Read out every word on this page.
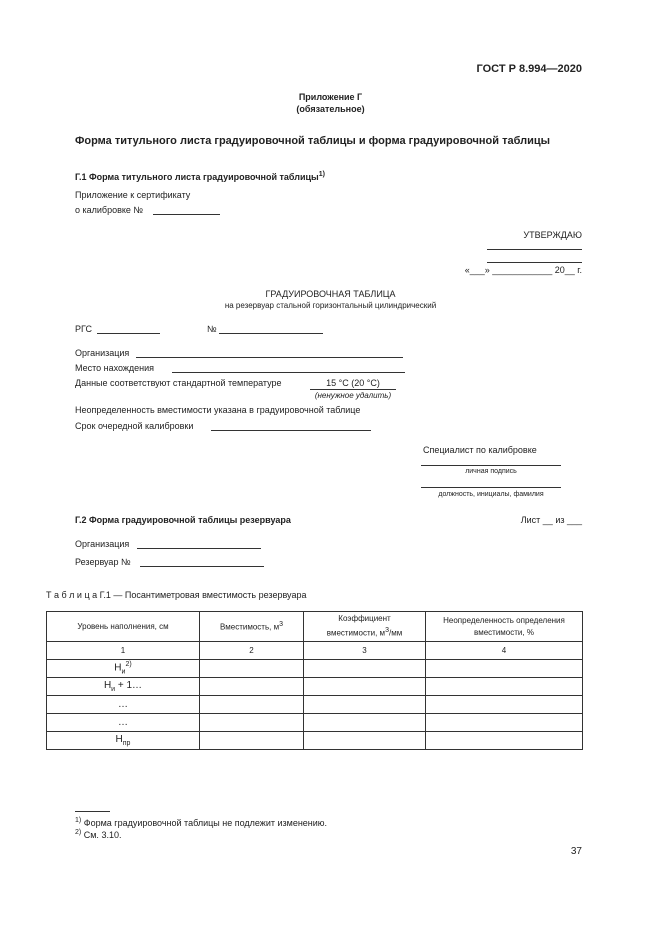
ГОСТ Р 8.994—2020
Приложение Г
(обязательное)
Форма титульного листа градуировочной таблицы и форма градуировочной таблицы
Г.1 Форма титульного листа градуировочной таблицы$^{1)}$
Приложение к сертификату
о калибровке №
УТВЕРЖДАЮ
«___» ____________ 20__ г.
ГРАДУИРОВОЧНАЯ ТАБЛИЦА
на резервуар стальной горизонтальный цилиндрический
РГС	№
Организация
Место нахождения
Данные соответствуют стандартной температуре	15 °С (20 °С)
(ненужное удалить)
Неопределенность вместимости указана в градуировочной таблице
Срок очередной калибровки
Специалист по калибровке
личная подпись
должность, инициалы, фамилия
Г.2 Форма градуировочной таблицы резервуара	Лист __ из ___
Организация
Резервуар №
Т а б л и ц а Г.1 — Посантиметровая вместимость резервуара
Уровень наполнения, см	Вместимость, $м^3$	Коэффициент вместимости, $м^3/мм$	Неопределенность определения вместимости, %
1	2	3	4
$Н_и^{2)}$			
$Н_и$ + 1…			
…			
…			
$Н_{пр}$			
$^{1)}$ Форма градуировочной таблицы не подлежит изменению.
$^{2)}$ См. 3.10.
37
